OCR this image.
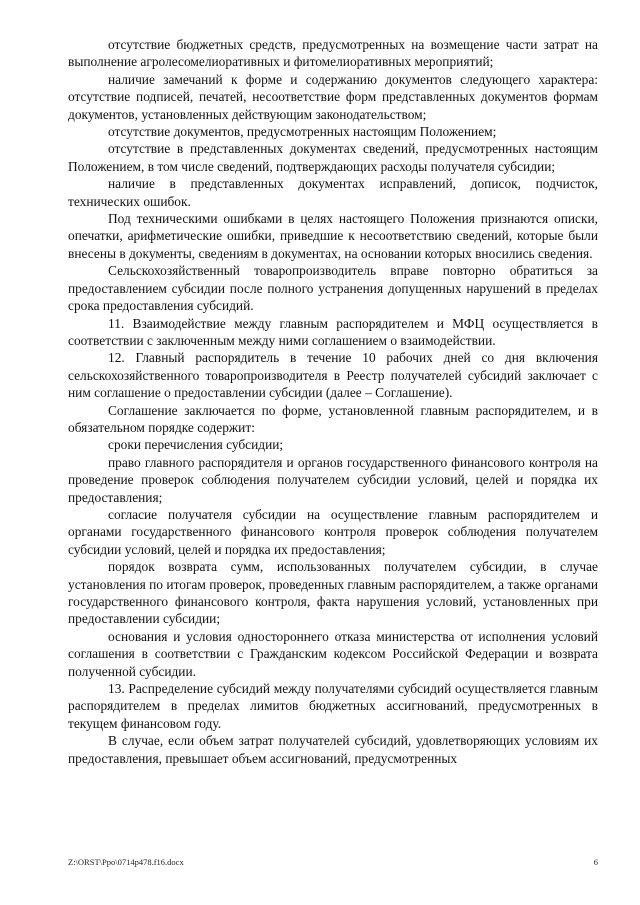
отсутствие бюджетных средств, предусмотренных на возмещение части затрат на выполнение агролесомелиоративных и фитомелиоративных мероприятий;

наличие замечаний к форме и содержанию документов следующего характера: отсутствие подписей, печатей, несоответствие форм представленных документов формам документов, установленных действующим законодательством;

отсутствие документов, предусмотренных настоящим Положением;

отсутствие в представленных документах сведений, предусмотренных настоящим Положением, в том числе сведений, подтверждающих расходы получателя субсидии;

наличие в представленных документах исправлений, дописок, подчисток, технических ошибок.

Под техническими ошибками в целях настоящего Положения признаются описки, опечатки, арифметические ошибки, приведшие к несоответствию сведений, которые были внесены в документы, сведениям в документах, на основании которых вносились сведения.

Сельскохозяйственный товаропроизводитель вправе повторно обратиться за предоставлением субсидии после полного устранения допущенных нарушений в пределах срока предоставления субсидий.

11. Взаимодействие между главным распорядителем и МФЦ осуществляется в соответствии с заключенным между ними соглашением о взаимодействии.

12. Главный распорядитель в течение 10 рабочих дней со дня включения сельскохозяйственного товаропроизводителя в Реестр получателей субсидий заключает с ним соглашение о предоставлении субсидии (далее – Соглашение).

Соглашение заключается по форме, установленной главным распорядителем, и в обязательном порядке содержит:

сроки перечисления субсидии;

право главного распорядителя и органов государственного финансового контроля на проведение проверок соблюдения получателем субсидии условий, целей и порядка их предоставления;

согласие получателя субсидии на осуществление главным распорядителем и органами государственного финансового контроля проверок соблюдения получателем субсидии условий, целей и порядка их предоставления;

порядок возврата сумм, использованных получателем субсидии, в случае установления по итогам проверок, проведенных главным распорядителем, а также органами государственного финансового контроля, факта нарушения условий, установленных при предоставлении субсидии;

основания и условия одностороннего отказа министерства от исполнения условий соглашения в соответствии с Гражданским кодексом Российской Федерации и возврата полученной субсидии.

13. Распределение субсидий между получателями субсидий осуществляется главным распорядителем в пределах лимитов бюджетных ассигнований, предусмотренных в текущем финансовом году.

В случае, если объем затрат получателей субсидий, удовлетворяющих условиям их предоставления, превышает объем ассигнований, предусмотренных

Z:\ORST\Ppo\0714p478.f16.docx	6
